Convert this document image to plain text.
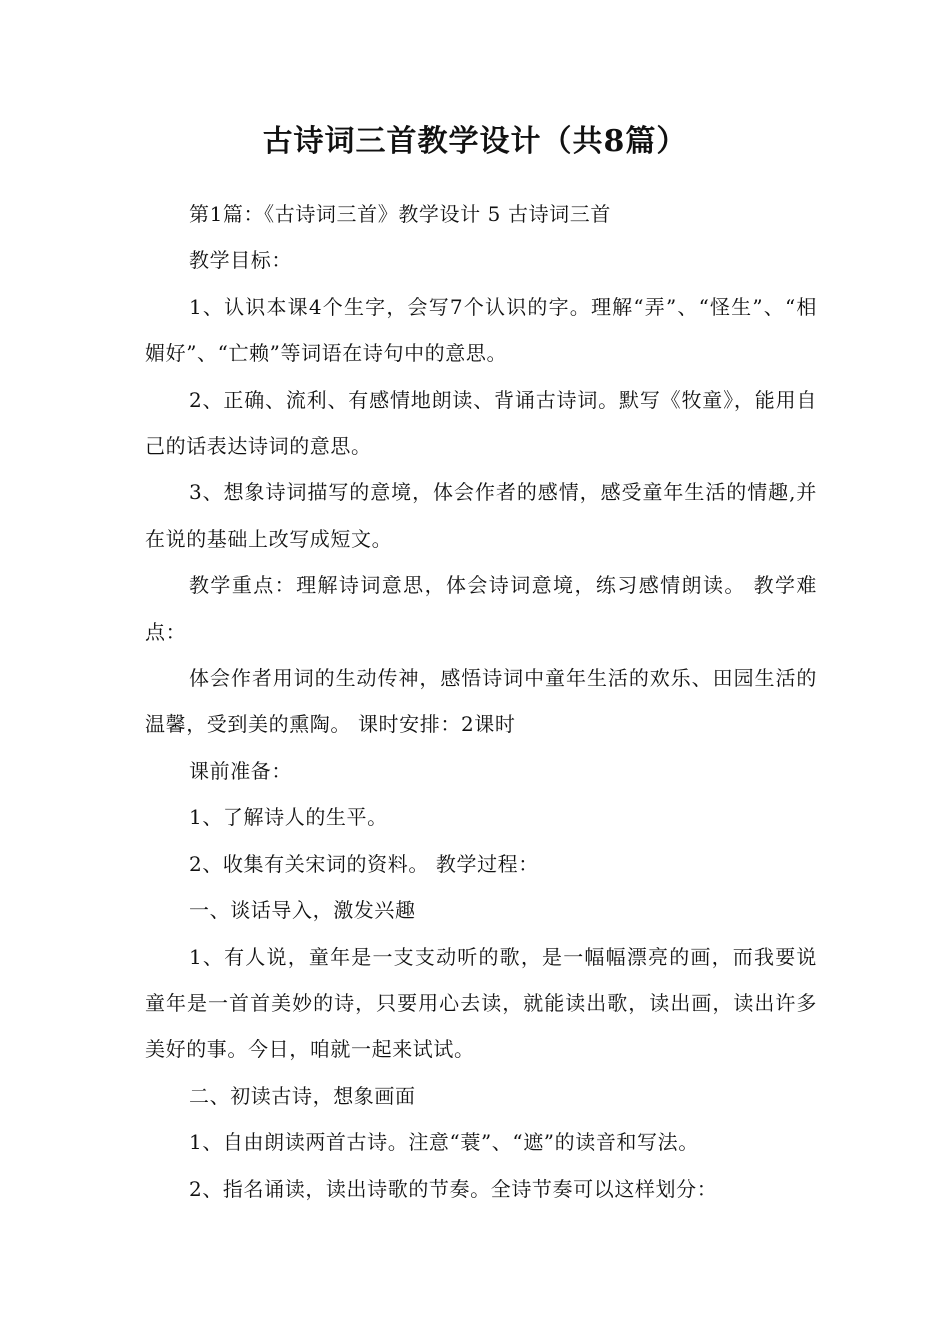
古诗词三首教学设计（共8篇）

第1篇：《古诗词三首》教学设计 5 古诗词三首

教学目标：

1、认识本课4个生字，会写7个认识的字。理解“弄”、“怪生”、“相媚好”、“亡赖”等词语在诗句中的意思。

2、正确、流利、有感情地朗读、背诵古诗词。默写《牧童》，能用自己的话表达诗词的意思。

3、想象诗词描写的意境，体会作者的感情，感受童年生活的情趣,并在说的基础上改写成短文。

教学重点：理解诗词意思，体会诗词意境，练习感情朗读。 教学难点：

体会作者用词的生动传神，感悟诗词中童年生活的欢乐、田园生活的温馨，受到美的熏陶。 课时安排：2课时

课前准备：

1、了解诗人的生平。

2、收集有关宋词的资料。 教学过程：

一、谈话导入，激发兴趣

1、有人说，童年是一支支动听的歌，是一幅幅漂亮的画，而我要说童年是一首首美妙的诗，只要用心去读，就能读出歌，读出画，读出许多美好的事。今日，咱就一起来试试。

二、初读古诗，想象画面

1、自由朗读两首古诗。注意“蓑”、“遮”的读音和写法。

2、指名诵读，读出诗歌的节奏。全诗节奏可以这样划分：
